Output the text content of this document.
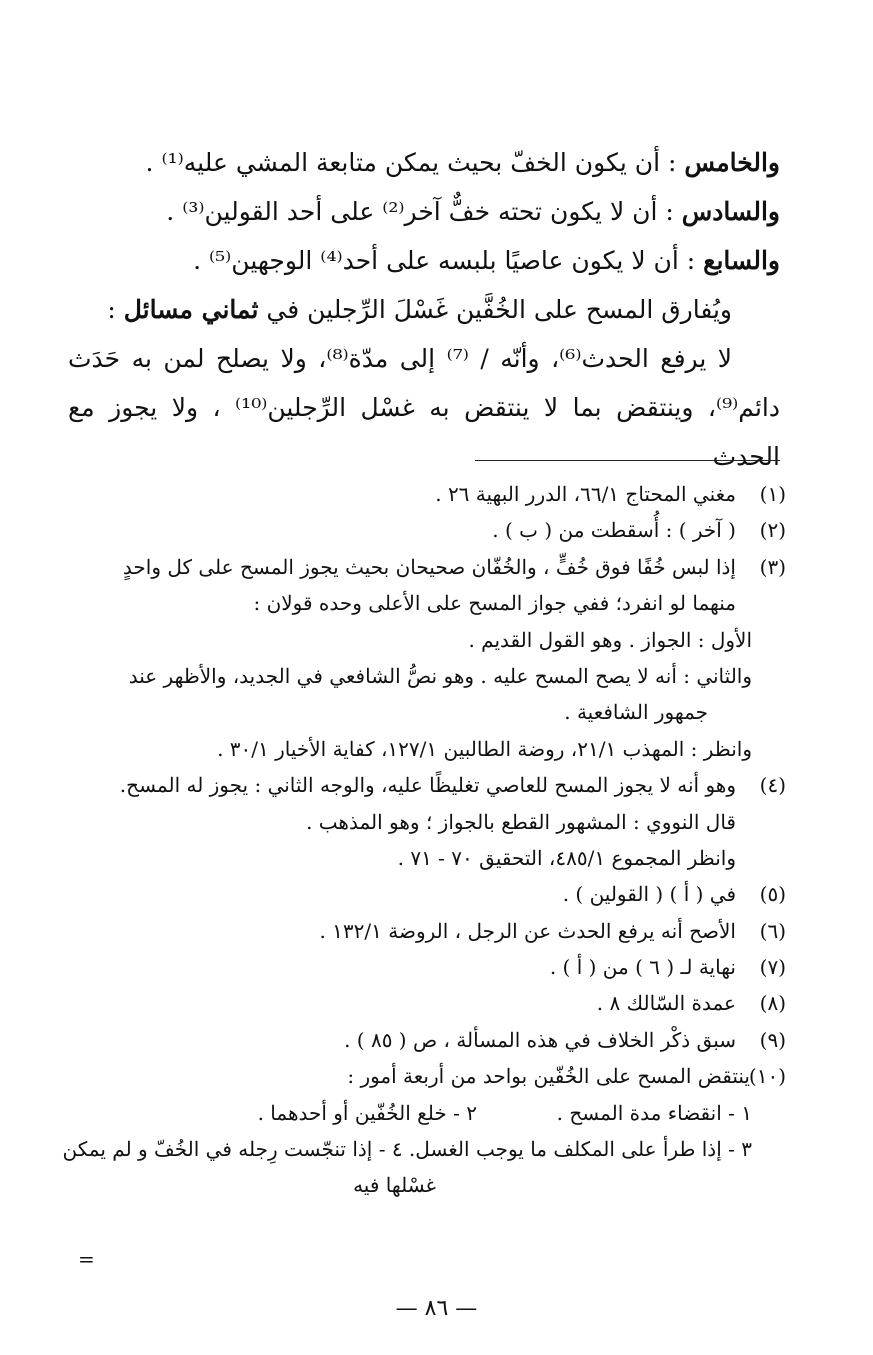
والخامس : أن يكون الخفّ بحيث يمكن متابعة المشي عليه⁽¹⁾ .
والسادس : أن لا يكون تحته خفٌّ آخر⁽²⁾ على أحد القولين⁽³⁾ .
والسابع : أن لا يكون عاصيًا بلبسه على أحد⁽⁴⁾ الوجهين⁽⁵⁾ .
ويُفارق المسح على الخُفَّين غَسْلَ الرِّجلين في ثماني مسائل :
لا يرفع الحدث⁽⁶⁾، وأنّه / ⁽⁷⁾ إلى مدّة⁽⁸⁾، ولا يصلح لمن به حَدَث
دائم⁽⁹⁾، وينتقض بما لا ينتقض به غسْل الرِّجلين⁽¹⁰⁾ ، ولا يجوز مع الحدث
(١)مغني المحتاج ٦٦/١، الدرر البهية ٢٦ .
(٢)( آخر ) : أُسقطت من ( ب ) .
(٣)إذا لبس خُفًا فوق خُفٍّ ، والخُفّان صحيحان بحيث يجوز المسح على كل واحدٍ
منهما لو انفرد؛ ففي جواز المسح على الأعلى وحده قولان :
الأول : الجواز . وهو القول القديم .
والثاني : أنه لا يصح المسح عليه . وهو نصُّ الشافعي في الجديد، والأظهر عند
جمهور الشافعية .
وانظر : المهذب ٢١/١، روضة الطالبين ١٢٧/١، كفاية الأخيار ٣٠/١ .
(٤)وهو أنه لا يجوز المسح للعاصي تغليظًا عليه، والوجه الثاني : يجوز له المسح.
قال النووي : المشهور القطع بالجواز ؛ وهو المذهب .
وانظر المجموع ٤٨٥/١، التحقيق ٧٠ - ٧١ .
(٥)في ( أ ) ( القولين ) .
(٦)الأصح أنه يرفع الحدث عن الرجل ، الروضة ١٣٢/١ .
(٧)نهاية لـ ( ٦ ) من ( أ ) .
(٨)عمدة السّالك ٨ .
(٩)سبق ذكْر الخلاف في هذه المسألة ، ص ( ٨٥ ) .
(١٠)ينتقض المسح على الخُفّين بواحد من أربعة أمور :
١ - انقضاء مدة المسح .٢ - خلع الخُفّين أو أحدهما .
٣ - إذا طرأ على المكلف ما يوجب الغسل. ٤ - إذا تنجّست رِجله في الخُفّ و لم يمكن
غسْلها فيه
=
— ٨٦ —
